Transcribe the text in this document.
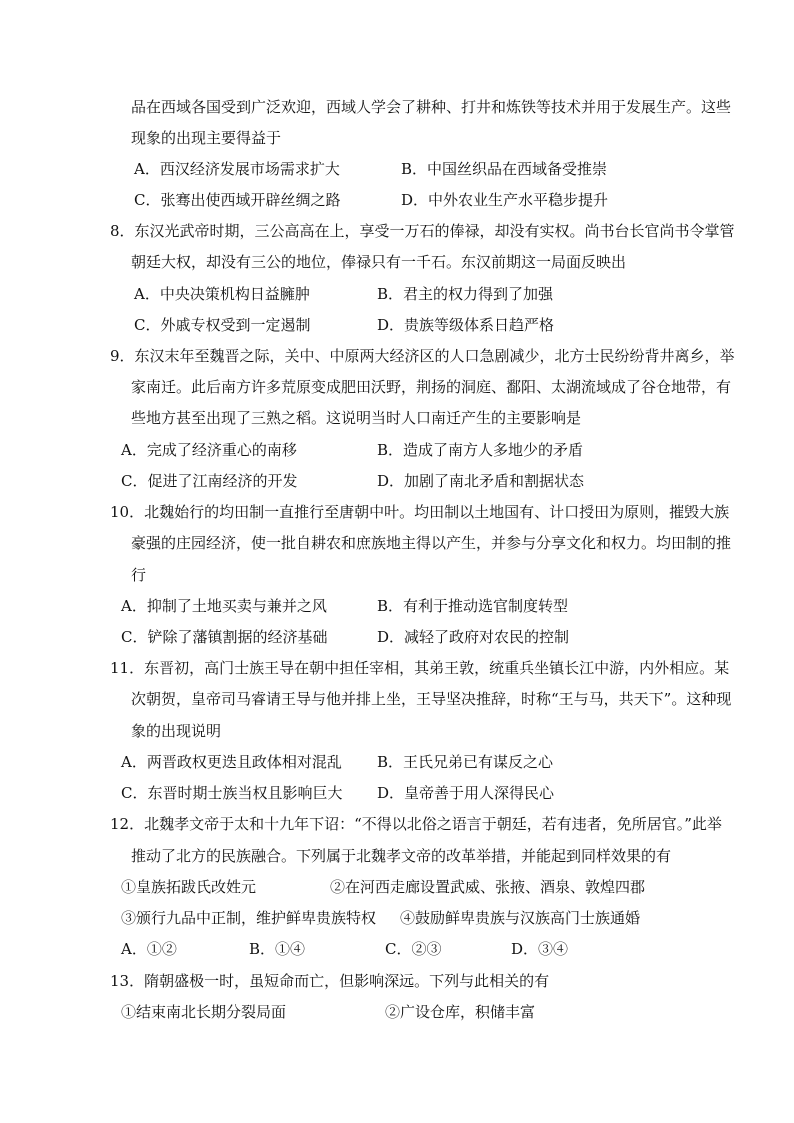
品在西域各国受到广泛欢迎，西域人学会了耕种、打井和炼铁等技术并用于发展生产。这些
现象的出现主要得益于
A．西汉经济发展市场需求扩大	B．中国丝织品在西域备受推崇
C．张骞出使西域开辟丝绸之路	D．中外农业生产水平稳步提升
8．东汉光武帝时期，三公高高在上，享受一万石的俸禄，却没有实权。尚书台长官尚书令掌管
朝廷大权，却没有三公的地位，俸禄只有一千石。东汉前期这一局面反映出
A．中央决策机构日益臃肿	B．君主的权力得到了加强
C．外戚专权受到一定遏制	D．贵族等级体系日趋严格
9．东汉末年至魏晋之际，关中、中原两大经济区的人口急剧减少，北方士民纷纷背井离乡，举
家南迁。此后南方许多荒原变成肥田沃野，荆扬的洞庭、鄱阳、太湖流域成了谷仓地带，有
些地方甚至出现了三熟之稻。这说明当时人口南迁产生的主要影响是
A．完成了经济重心的南移	B．造成了南方人多地少的矛盾
C．促进了江南经济的开发	D．加剧了南北矛盾和割据状态
10．北魏始行的均田制一直推行至唐朝中叶。均田制以土地国有、计口授田为原则，摧毁大族
豪强的庄园经济，使一批自耕农和庶族地主得以产生，并参与分享文化和权力。均田制的推
行
A．抑制了土地买卖与兼并之风	B．有利于推动选官制度转型
C．铲除了藩镇割据的经济基础	D．减轻了政府对农民的控制
11．东晋初，高门士族王导在朝中担任宰相，其弟王敦，统重兵坐镇长江中游，内外相应。某
次朝贺，皇帝司马睿请王导与他并排上坐，王导坚决推辞，时称“王与马，共天下”。这种现
象的出现说明
A．两晋政权更迭且政体相对混乱 B．王氏兄弟已有谋反之心
C．东晋时期士族当权且影响巨大 D．皇帝善于用人深得民心
12．北魏孝文帝于太和十九年下诏：“不得以北俗之语言于朝廷，若有违者，免所居官。”此举
推动了北方的民族融合。下列属于北魏孝文帝的改革举措，并能起到同样效果的有
①皇族拓跋氏改姓元	②在河西走廊设置武威、张掖、酒泉、敦煌四郡
③颁行九品中正制，维护鲜卑贵族特权 ④鼓励鲜卑贵族与汉族高门士族通婚
A．①②	B．①④	C．②③	D．③④
13．隋朝盛极一时，虽短命而亡，但影响深远。下列与此相关的有
①结束南北长期分裂局面	②广设仓库，积储丰富
